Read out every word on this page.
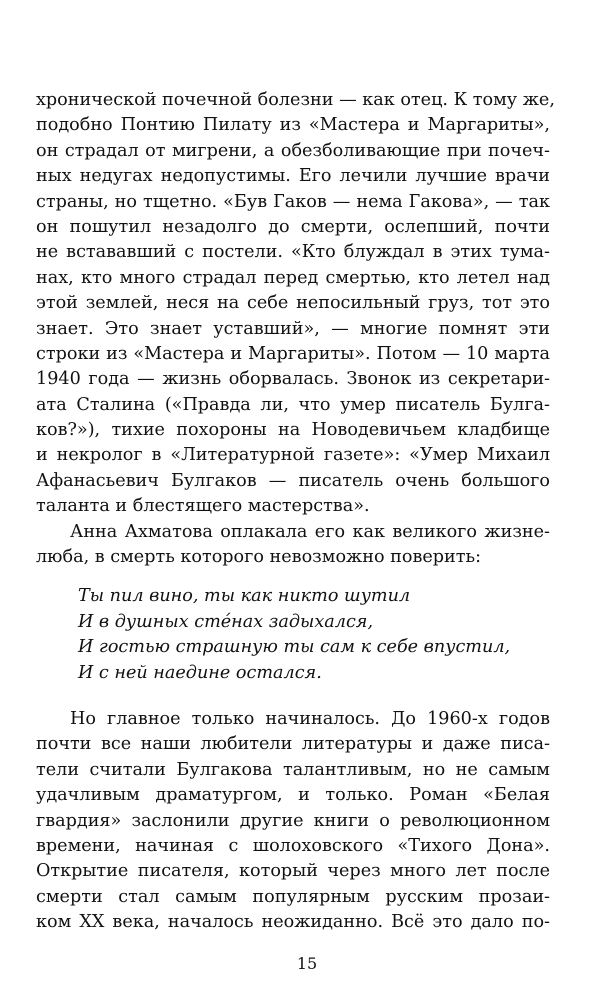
хронической почечной болезни — как отец. К тому же,
подобно Понтию Пилату из «Мастера и Маргариты»,
он страдал от мигрени, а обезболивающие при почеч-
ных недугах недопустимы. Его лечили лучшие врачи
страны, но тщетно. «Був Гаков — нема Гакова», — так
он пошутил незадолго до смерти, ослепший, почти
не встававший с постели. «Кто блуждал в этих тума-
нах, кто много страдал перед смертью, кто летел над
этой землей, неся на себе непосильный груз, тот это
знает. Это знает уставший», — многие помнят эти
строки из «Мастера и Маргариты». Потом — 10 марта
1940 года — жизнь оборвалась. Звонок из секретари-
ата Сталина («Правда ли, что умер писатель Булга-
ков?»), тихие похороны на Новодевичьем кладбище
и некролог в «Литературной газете»: «Умер Михаил
Афанасьевич Булгаков — писатель очень большого
таланта и блестящего мастерства».
Анна Ахматова оплакала его как великого жизне-
люба, в смерть которого невозможно поверить:
Ты пил вино, ты как никто шутил
И в душных стéнах задыхался,
И гостью страшную ты сам к себе впустил,
И с ней наедине остался.
Но главное только начиналось. До 1960-х годов
почти все наши любители литературы и даже писа-
тели считали Булгакова талантливым, но не самым
удачливым драматургом, и только. Роман «Белая
гвардия» заслонили другие книги о революционном
времени, начиная с шолоховского «Тихого Дона».
Открытие писателя, который через много лет после
смерти стал самым популярным русским прозаи-
ком XX века, началось неожиданно. Всё это дало по-
15
